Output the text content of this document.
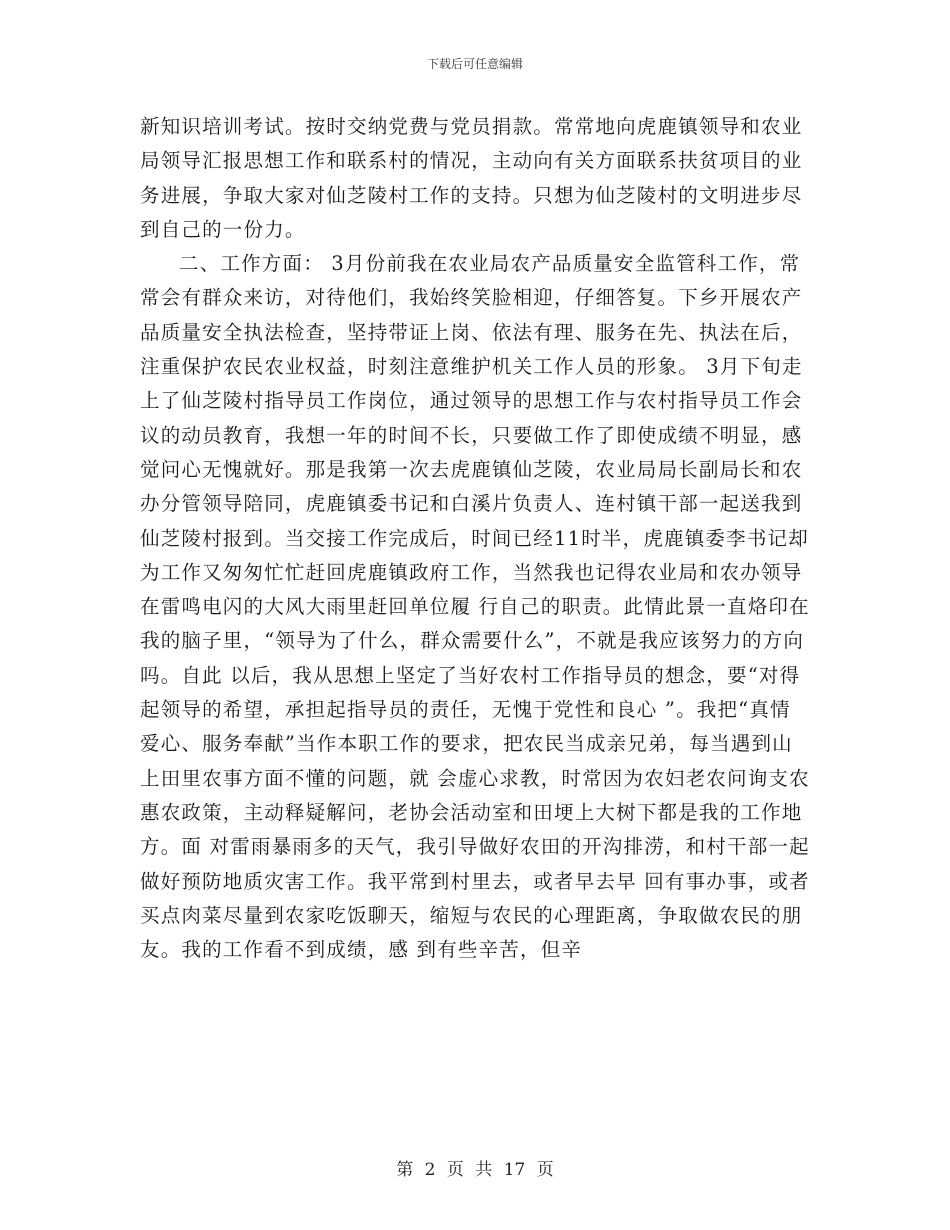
下载后可任意编辑

新知识培训考试。按时交纳党费与党员捐款。常常地向虎鹿镇领导和农业局领导汇报思想工作和联系村的情况，主动向有关方面联系扶贫项目的业务进展，争取大家对仙芝陵村工作的支持。只想为仙芝陵村的文明进步尽到自己的一份力。

二、工作方面： 3月份前我在农业局农产品质量安全监管科工作，常常会有群众来访，对待他们，我始终笑脸相迎，仔细答复。下乡开展农产品质量安全执法检查，坚持带证上岗、依法有理、服务在先、执法在后，注重保护农民农业权益，时刻注意维护机关工作人员的形象。 3月下旬走上了仙芝陵村指导员工作岗位，通过领导的思想工作与农村指导员工作会议的动员教育，我想一年的时间不长，只要做工作了即使成绩不明显，感觉问心无愧就好。那是我第一次去虎鹿镇仙芝陵，农业局局长副局长和农办分管领导陪同，虎鹿镇委书记和白溪片负责人、连村镇干部一起送我到仙芝陵村报到。当交接工作完成后，时间已经11时半，虎鹿镇委李书记却为工作又匆匆忙忙赶回虎鹿镇政府工作，当然我也记得农业局和农办领导在雷鸣电闪的大风大雨里赶回单位履 行自己的职责。此情此景一直烙印在我的脑子里，“领导为了什么，群众需要什么”，不就是我应该努力的方向吗。自此 以后，我从思想上坚定了当好农村工作指导员的想念，要“对得起领导的希望，承担起指导员的责任，无愧于党性和良心 ”。我把“真情爱心、服务奉献”当作本职工作的要求，把农民当成亲兄弟，每当遇到山上田里农事方面不懂的问题，就 会虚心求教，时常因为农妇老农问询支农惠农政策，主动释疑解问，老协会活动室和田埂上大树下都是我的工作地方。面 对雷雨暴雨多的天气，我引导做好农田的开沟排涝，和村干部一起做好预防地质灾害工作。我平常到村里去，或者早去早 回有事办事，或者买点肉菜尽量到农家吃饭聊天，缩短与农民的心理距离，争取做农民的朋友。我的工作看不到成绩，感 到有些辛苦，但辛

第 2 页 共 17 页
